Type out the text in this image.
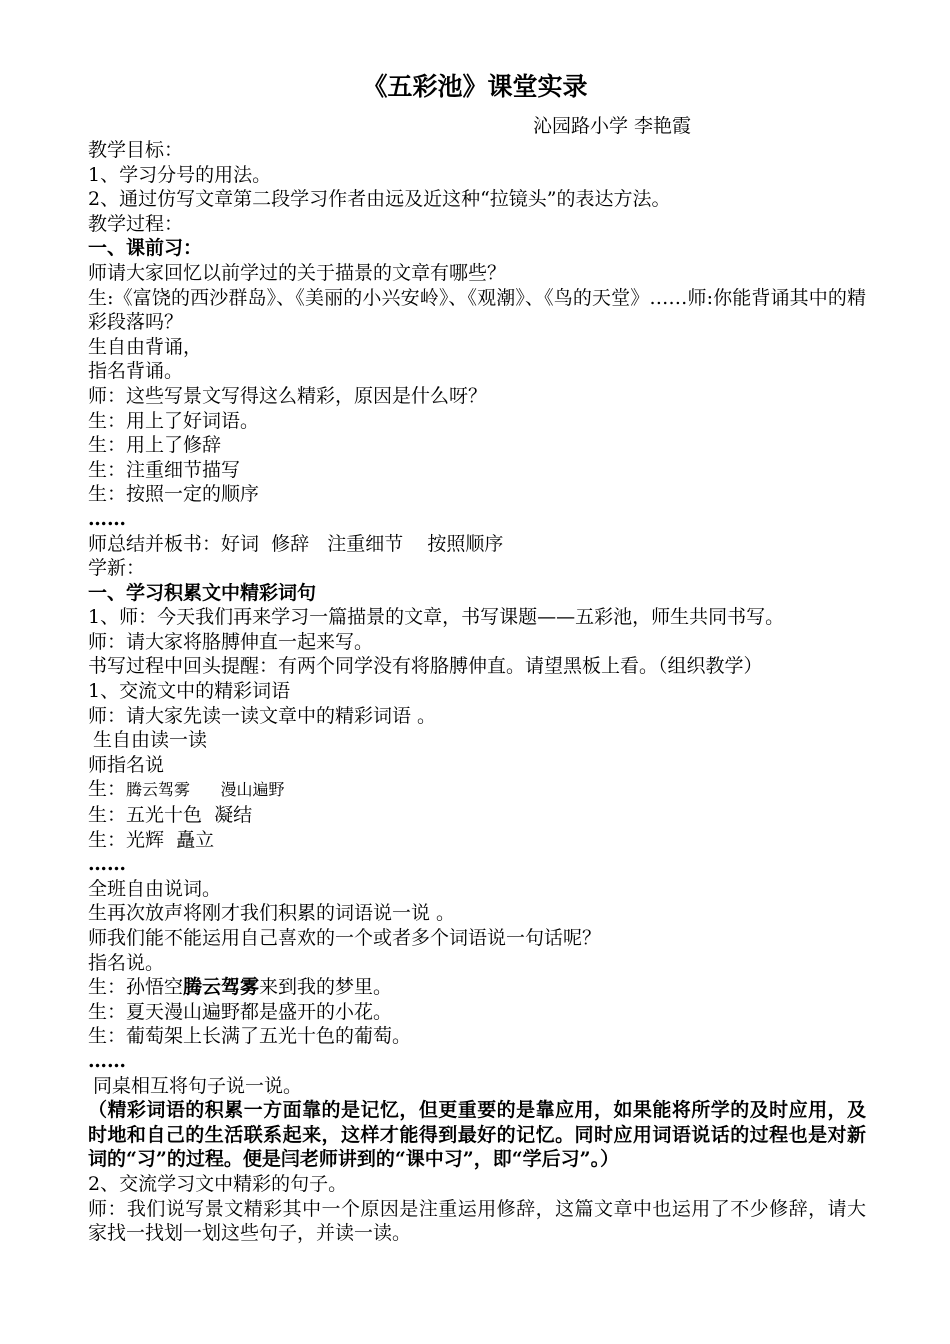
《五彩池》课堂实录
沁园路小学 李艳霞

教学目标：

1、学习分号的用法。

2、通过仿写文章第二段学习作者由远及近这种“拉镜头”的表达方法。

教学过程：

一、课前习：

师请大家回忆以前学过的关于描景的文章有哪些？

生:《富饶的西沙群岛》、《美丽的小兴安岭》、《观潮》、《鸟的天堂》……师:你能背诵其中的精彩段落吗？

生自由背诵，

指名背诵。

师：这些写景文写得这么精彩，原因是什么呀？

生：用上了好词语。

生：用上了修辞

生：注重细节描写

生：按照一定的顺序

……

师总结并板书：好词  修辞   注重细节    按照顺序

学新：

一、学习积累文中精彩词句

1、师：今天我们再来学习一篇描景的文章，书写课题——五彩池，师生共同书写。

师：请大家将胳膊伸直一起来写。

书写过程中回头提醒：有两个同学没有将胳膊伸直。请望黑板上看。（组织教学）

1、交流文中的精彩词语

师：请大家先读一读文章中的精彩词语 。

生自由读一读

师指名说

生：腾云驾雾      漫山遍野

生：五光十色  凝结

生：光辉  矗立

……

全班自由说词。

生再次放声将刚才我们积累的词语说一说 。

师我们能不能运用自己喜欢的一个或者多个词语说一句话呢？

指名说。

生：孙悟空腾云驾雾来到我的梦里。

生：夏天漫山遍野都是盛开的小花。

生：葡萄架上长满了五光十色的葡萄。

……

同桌相互将句子说一说。

（精彩词语的积累一方面靠的是记忆，但更重要的是靠应用，如果能将所学的及时应用，及时地和自己的生活联系起来，这样才能得到最好的记忆。同时应用词语说话的过程也是对新词的“习”的过程。便是闫老师讲到的“课中习”，即“学后习”。）

2、交流学习文中精彩的句子。

师：我们说写景文精彩其中一个原因是注重运用修辞，这篇文章中也运用了不少修辞，请大家找一找划一划这些句子，并读一读。
